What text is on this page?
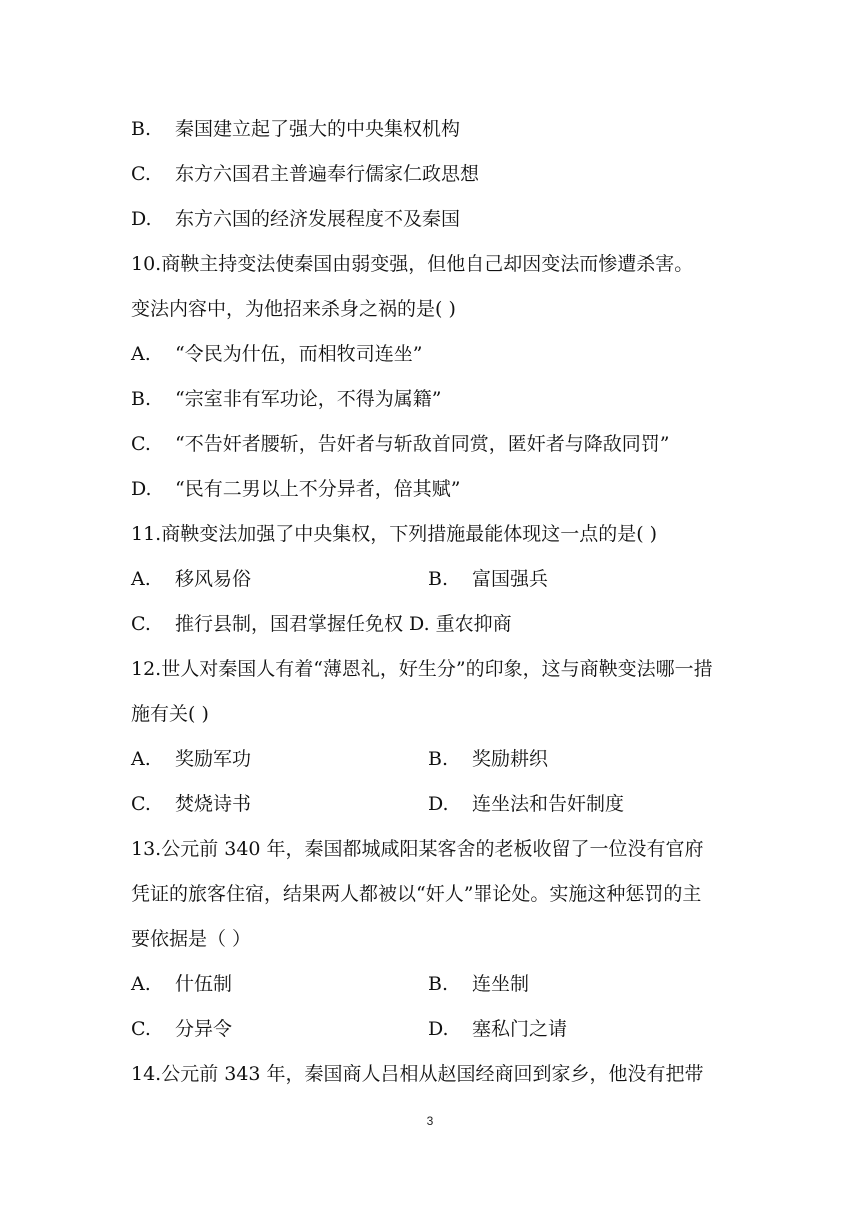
B. 秦国建立起了强大的中央集权机构
C. 东方六国君主普遍奉行儒家仁政思想
D. 东方六国的经济发展程度不及秦国
10.商鞅主持变法使秦国由弱变强，但他自己却因变法而惨遭杀害。
变法内容中，为他招来杀身之祸的是( )
A. “令民为什伍，而相牧司连坐”
B. “宗室非有军功论，不得为属籍”
C. “不告奸者腰斩，告奸者与斩敌首同赏，匿奸者与降敌同罚”
D. “民有二男以上不分异者，倍其赋”
11.商鞅变法加强了中央集权，下列措施最能体现这一点的是( )
A. 移风易俗	B. 富国强兵
C. 推行县制，国君掌握任免权 D. 重农抑商
12.世人对秦国人有着“薄恩礼，好生分”的印象，这与商鞅变法哪一措
施有关( )
A. 奖励军功	B. 奖励耕织
C. 焚烧诗书	D. 连坐法和告奸制度
13.公元前 340 年，秦国都城咸阳某客舍的老板收留了一位没有官府
凭证的旅客住宿，结果两人都被以“奸人”罪论处。实施这种惩罚的主
要依据是（ ）
A. 什伍制	B. 连坐制
C. 分异令	D. 塞私门之请
14.公元前 343 年，秦国商人吕相从赵国经商回到家乡，他没有把带
3
